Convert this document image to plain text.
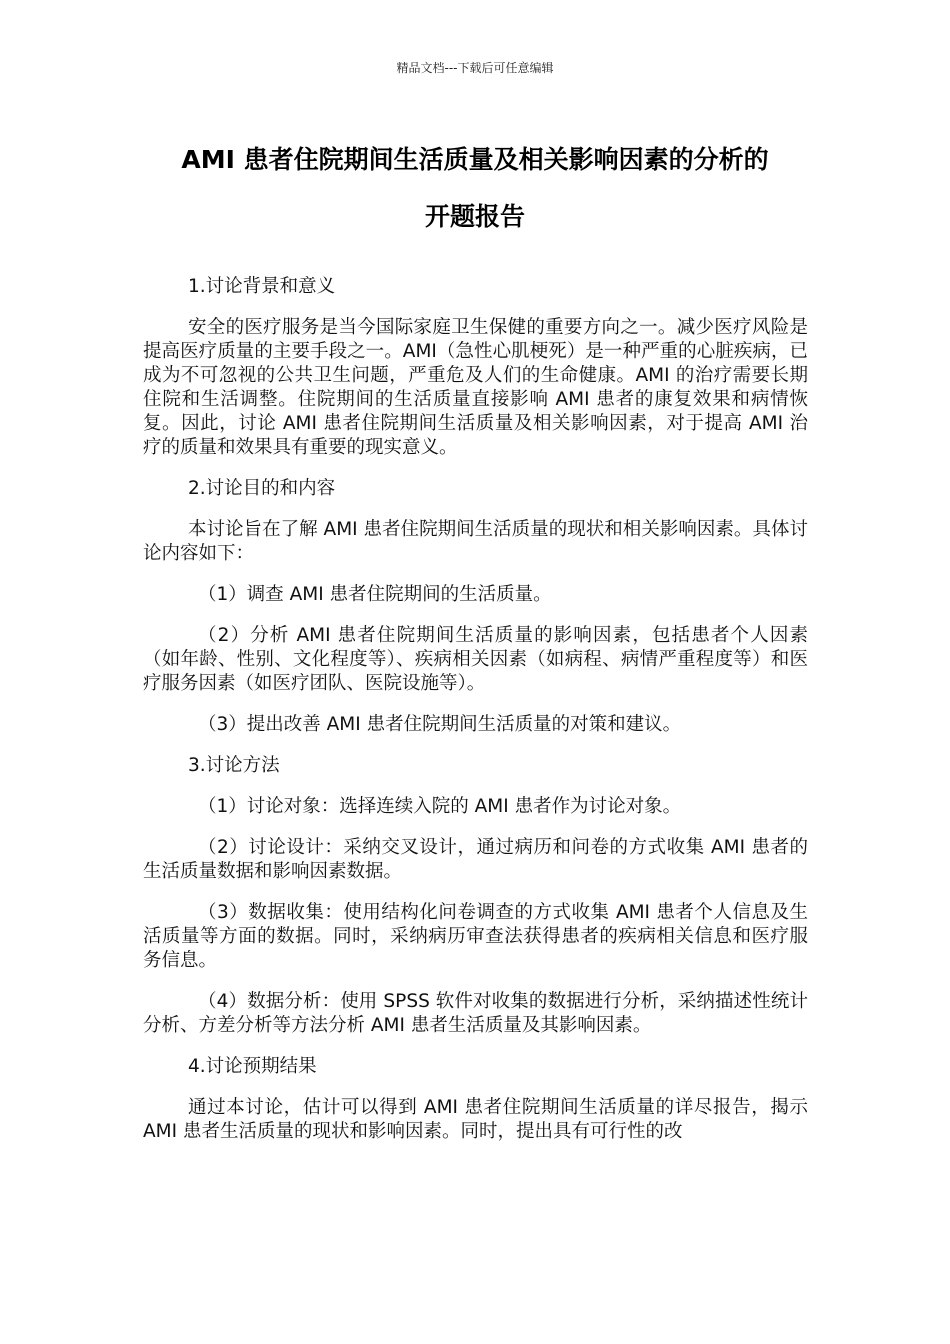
精品文档---下载后可任意编辑
AMI 患者住院期间生活质量及相关影响因素的分析的
开题报告

1.讨论背景和意义

安全的医疗服务是当今国际家庭卫生保健的重要方向之一。减少医疗风险是提高医疗质量的主要手段之一。AMI（急性心肌梗死）是一种严重的心脏疾病，已成为不可忽视的公共卫生问题，严重危及人们的生命健康。AMI 的治疗需要长期住院和生活调整。住院期间的生活质量直接影响 AMI 患者的康复效果和病情恢复。因此，讨论 AMI 患者住院期间生活质量及相关影响因素，对于提高 AMI 治疗的质量和效果具有重要的现实意义。

2.讨论目的和内容

本讨论旨在了解 AMI 患者住院期间生活质量的现状和相关影响因素。具体讨论内容如下：

（1）调查 AMI 患者住院期间的生活质量。

（2）分析 AMI 患者住院期间生活质量的影响因素，包括患者个人因素（如年龄、性别、文化程度等）、疾病相关因素（如病程、病情严重程度等）和医疗服务因素（如医疗团队、医院设施等）。

（3）提出改善 AMI 患者住院期间生活质量的对策和建议。

3.讨论方法

（1）讨论对象：选择连续入院的 AMI 患者作为讨论对象。

（2）讨论设计：采纳交叉设计，通过病历和问卷的方式收集 AMI 患者的生活质量数据和影响因素数据。

（3）数据收集：使用结构化问卷调查的方式收集 AMI 患者个人信息及生活质量等方面的数据。同时，采纳病历审查法获得患者的疾病相关信息和医疗服务信息。

（4）数据分析：使用 SPSS 软件对收集的数据进行分析，采纳描述性统计分析、方差分析等方法分析 AMI 患者生活质量及其影响因素。

4.讨论预期结果

通过本讨论，估计可以得到 AMI 患者住院期间生活质量的详尽报告，揭示 AMI 患者生活质量的现状和影响因素。同时，提出具有可行性的改
